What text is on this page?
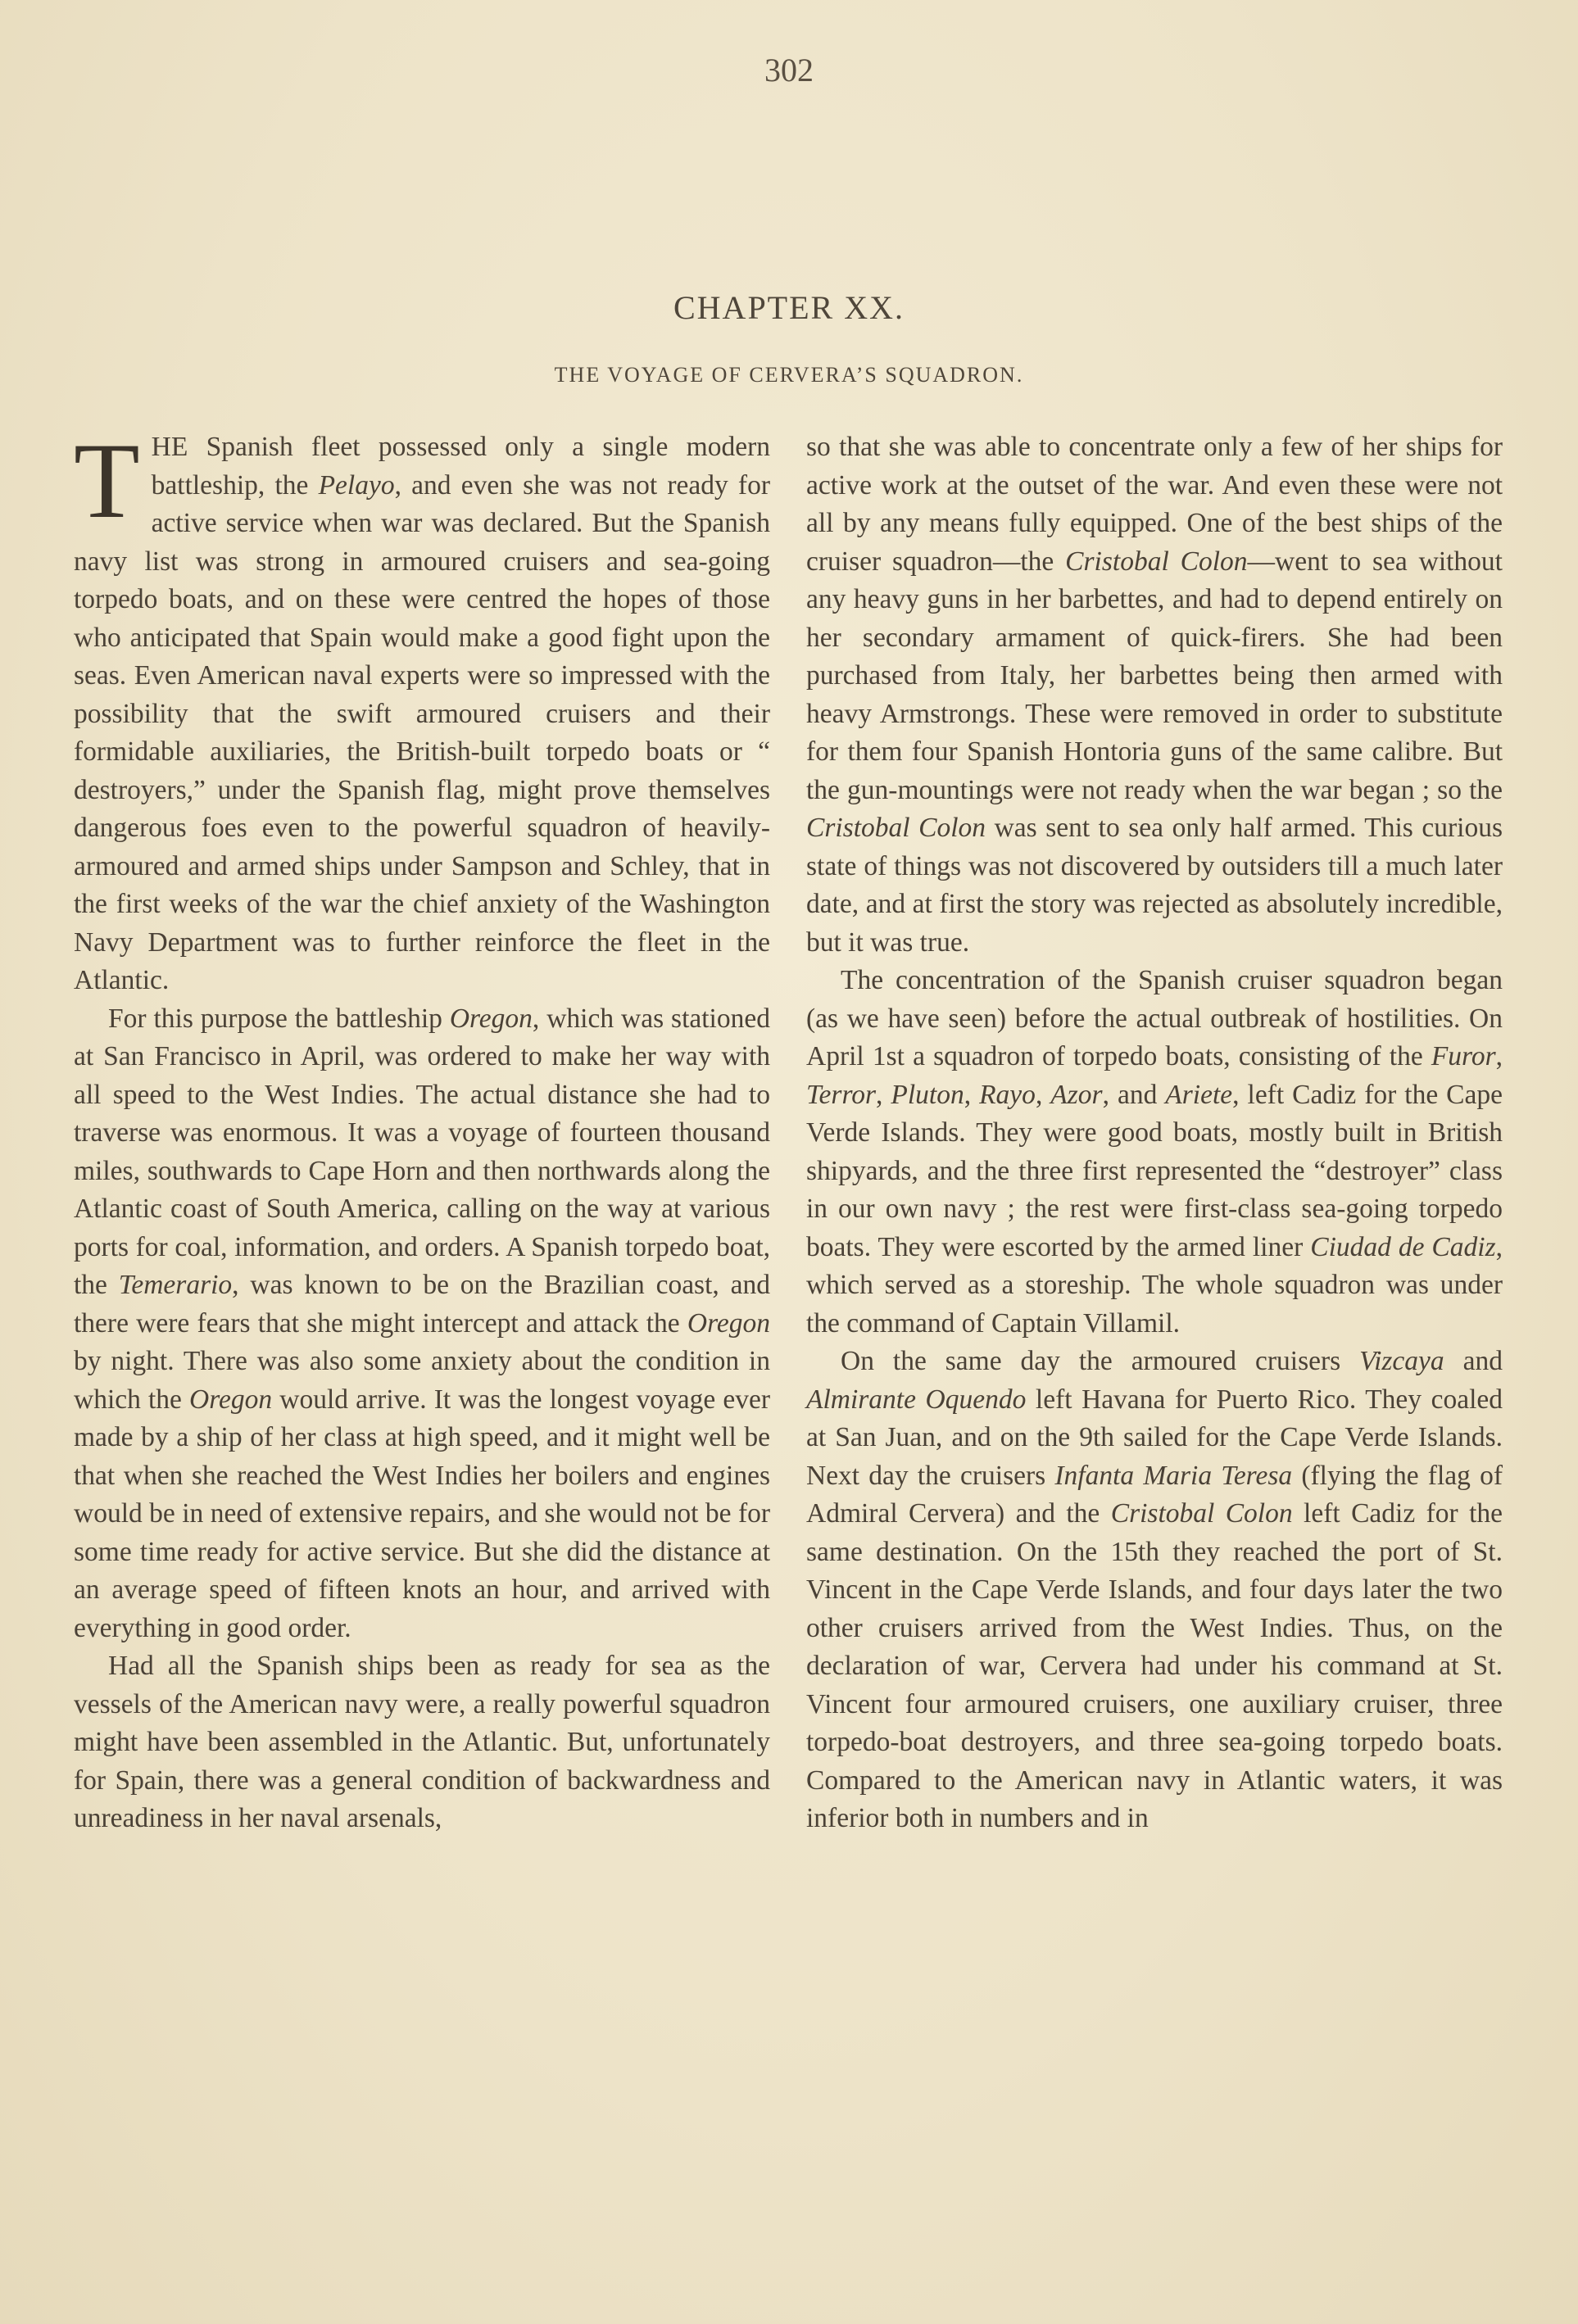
302
CHAPTER XX.
THE VOYAGE OF CERVERA’S SQUADRON.

THE Spanish fleet possessed only a single modern battleship, the Pelayo, and even she was not ready for active service when war was declared. But the Spanish navy list was strong in armoured cruisers and sea-going torpedo boats, and on these were centred the hopes of those who anticipated that Spain would make a good fight upon the seas. Even American naval experts were so impressed with the possibility that the swift armoured cruisers and their formidable auxiliaries, the British-built torpedo boats or “ destroyers,” under the Spanish flag, might prove themselves dangerous foes even to the powerful squadron of heavily-armoured and armed ships under Sampson and Schley, that in the first weeks of the war the chief anxiety of the Washington Navy Department was to further reinforce the fleet in the Atlantic.

For this purpose the battleship Oregon, which was stationed at San Francisco in April, was ordered to make her way with all speed to the West Indies. The actual distance she had to traverse was enormous. It was a voyage of fourteen thousand miles, southwards to Cape Horn and then northwards along the Atlantic coast of South America, calling on the way at various ports for coal, information, and orders. A Spanish torpedo boat, the Temerario, was known to be on the Brazilian coast, and there were fears that she might intercept and attack the Oregon by night. There was also some anxiety about the condition in which the Oregon would arrive. It was the longest voyage ever made by a ship of her class at high speed, and it might well be that when she reached the West Indies her boilers and engines would be in need of extensive repairs, and she would not be for some time ready for active service. But she did the distance at an average speed of fifteen knots an hour, and arrived with everything in good order.

Had all the Spanish ships been as ready for sea as the vessels of the American navy were, a really powerful squadron might have been assembled in the Atlantic. But, unfortunately for Spain, there was a general condition of backwardness and unreadiness in her naval arsenals,

so that she was able to concentrate only a few of her ships for active work at the outset of the war. And even these were not all by any means fully equipped. One of the best ships of the cruiser squadron—the Cristobal Colon—went to sea without any heavy guns in her barbettes, and had to depend entirely on her secondary armament of quick-firers. She had been purchased from Italy, her barbettes being then armed with heavy Armstrongs. These were removed in order to substitute for them four Spanish Hontoria guns of the same calibre. But the gun-mountings were not ready when the war began ; so the Cristobal Colon was sent to sea only half armed. This curious state of things was not discovered by outsiders till a much later date, and at first the story was rejected as absolutely incredible, but it was true.

The concentration of the Spanish cruiser squadron began (as we have seen) before the actual outbreak of hostilities. On April 1st a squadron of torpedo boats, consisting of the Furor, Terror, Pluton, Rayo, Azor, and Ariete, left Cadiz for the Cape Verde Islands. They were good boats, mostly built in British shipyards, and the three first represented the “destroyer” class in our own navy ; the rest were first-class sea-going torpedo boats. They were escorted by the armed liner Ciudad de Cadiz, which served as a storeship. The whole squadron was under the command of Captain Villamil.

On the same day the armoured cruisers Vizcaya and Almirante Oquendo left Havana for Puerto Rico. They coaled at San Juan, and on the 9th sailed for the Cape Verde Islands. Next day the cruisers Infanta Maria Teresa (flying the flag of Admiral Cervera) and the Cristobal Colon left Cadiz for the same destination. On the 15th they reached the port of St. Vincent in the Cape Verde Islands, and four days later the two other cruisers arrived from the West Indies. Thus, on the declaration of war, Cervera had under his command at St. Vincent four armoured cruisers, one auxiliary cruiser, three torpedo-boat destroyers, and three sea-going torpedo boats. Compared to the American navy in Atlantic waters, it was inferior both in numbers and in
